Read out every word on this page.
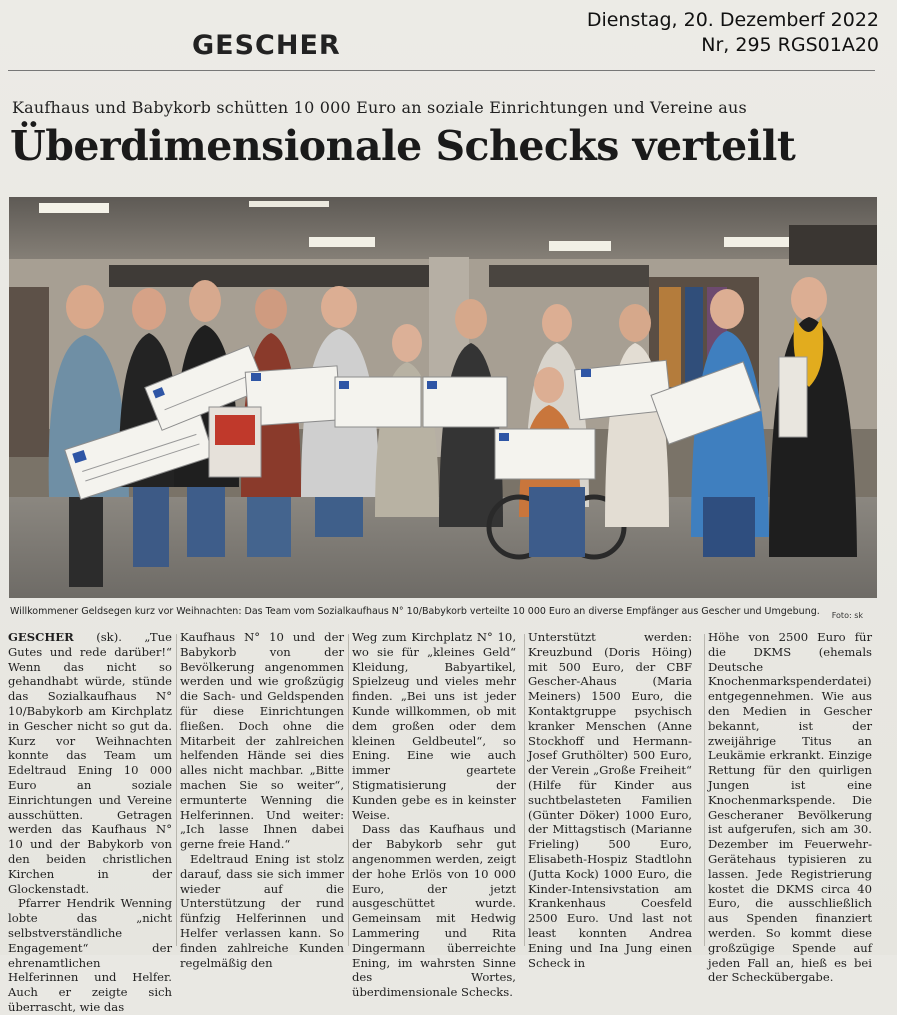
Dienstag, 20. Dezemberf 2022
Nr, 295 RGS01A20
GESCHER
Kaufhaus und Babykorb schütten 10 000 Euro an soziale Einrichtungen und Vereine aus
Überdimensionale Schecks verteilt
Willkommener Geldsegen kurz vor Weihnachten: Das Team vom Sozialkaufhaus N° 10/Babykorb verteilte 10 000 Euro an diverse Empfänger aus Gescher und Umgebung. Foto: sk

GESCHER (sk). „Tue Gutes und rede darüber!“ Wenn das nicht so gehandhabt würde, stünde das Sozialkaufhaus N° 10/Babykorb am Kirchplatz in Gescher nicht so gut da. Kurz vor Weihnachten konnte das Team um Edeltraud Ening 10 000 Euro an soziale Einrichtungen und Vereine ausschütten. Getragen werden das Kaufhaus N° 10 und der Babykorb von den beiden christlichen Kirchen in der Glockenstadt.

Pfarrer Hendrik Wenning lobte das „nicht selbstverständliche Engagement“ der ehrenamtlichen Helferinnen und Helfer. Auch er zeigte sich überrascht, wie das

Kaufhaus N° 10 und der Babykorb von der Bevölkerung angenommen werden und wie großzügig die Sach- und Geldspenden für diese Einrichtungen fließen. Doch ohne die Mitarbeit der zahlreichen helfenden Hände sei dies alles nicht machbar. „Bitte machen Sie so weiter“, ermunterte Wenning die Helferinnen. Und weiter: „Ich lasse Ihnen dabei gerne freie Hand.“

Edeltraud Ening ist stolz darauf, dass sie sich immer wieder auf die Unterstützung der rund fünfzig Helferinnen und Helfer verlassen kann. So finden zahlreiche Kunden regelmäßig den

Weg zum Kirchplatz N° 10, wo sie für „kleines Geld“ Kleidung, Babyartikel, Spielzeug und vieles mehr finden. „Bei uns ist jeder Kunde willkommen, ob mit dem großen oder dem kleinen Geldbeutel“, so Ening. Eine wie auch immer geartete Stigmatisierung der Kunden gebe es in keinster Weise.

Dass das Kaufhaus und der Babykorb sehr gut angenommen werden, zeigt der hohe Erlös von 10 000 Euro, der jetzt ausgeschüttet wurde. Gemeinsam mit Hedwig Lammering und Rita Dingermann überreichte Ening, im wahrsten Sinne des Wortes, überdimensionale Schecks.

Unterstützt werden: Kreuzbund (Doris Höing) mit 500 Euro, der CBF Gescher-Ahaus (Maria Meiners) 1500 Euro, die Kontaktgruppe psychisch kranker Menschen (Anne Stockhoff und Hermann-Josef Gruthölter) 500 Euro, der Verein „Große Freiheit“ (Hilfe für Kinder aus suchtbelasteten Familien (Günter Döker) 1000 Euro, der Mittagstisch (Marianne Frieling) 500 Euro, Elisabeth-Hospiz Stadtlohn (Jutta Kock) 1000 Euro, die Kinder-Intensivstation am Krankenhaus Coesfeld 2500 Euro. Und last not least konnten Andrea Ening und Ina Jung einen Scheck in

Höhe von 2500 Euro für die DKMS (ehemals Deutsche Knochenmarkspenderdatei) entgegennehmen. Wie aus den Medien in Gescher bekannt, ist der zweijährige Titus an Leukämie erkrankt. Einzige Rettung für den quirligen Jungen ist eine Knochenmarkspende. Die Gescheraner Bevölkerung ist aufgerufen, sich am 30. Dezember im Feuerwehr-Gerätehaus typisieren zu lassen. Jede Registrierung kostet die DKMS circa 40 Euro, die ausschließlich aus Spenden finanziert werden. So kommt diese großzügige Spende auf jeden Fall an, hieß es bei der Scheckübergabe.
